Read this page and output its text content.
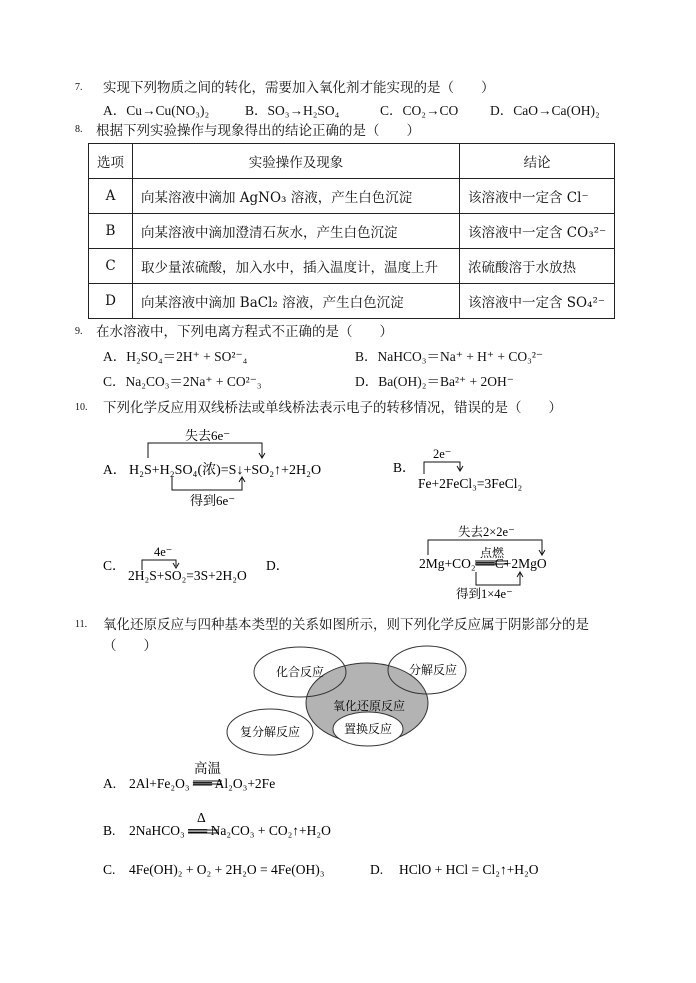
7. 实现下列物质之间的转化，需要加入氧化剂才能实现的是（　　）
A．Cu→Cu(NO₃)₂	B．SO₃→H₂SO₄	C．CO₂→CO D．CaO→Ca(OH)₂
8. 根据下列实验操作与现象得出的结论正确的是（　　）
选项	实验操作及现象	结论
A	向某溶液中滴加 AgNO₃ 溶液，产生白色沉淀	该溶液中一定含 Cl⁻
B	向某溶液中滴加澄清石灰水，产生白色沉淀	该溶液中一定含 CO₃²⁻
C	取少量浓硫酸，加入水中，插入温度计，温度上升	浓硫酸溶于水放热
D	向某溶液中滴加 BaCl₂ 溶液，产生白色沉淀	该溶液中一定含 SO₄²⁻
9. 在水溶液中，下列电离方程式不正确的是（　　）
A．H₂SO₄＝2H⁺ + SO²⁻₄	B．NaHCO₃＝Na⁺ + H⁺ + CO₃²⁻
C．Na₂CO₃＝2Na⁺ + CO²⁻₃	D．Ba(OH)₂＝Ba²⁺ + 2OH⁻
10. 下列化学反应用双线桥法或单线桥法表示电子的转移情况，错误的是（　　）
A． H₂S+H₂SO₄(浓)=S↓+SO₂↑+2H₂O
失去6e⁻
得到6e⁻
B．
Fe+2FeCl₃=3FeCl₂
2e⁻
C．
2H₂S+SO₂=3S+2H₂O
4e⁻
D．	2Mg+CO₂══C+2MgO
失去2×2e⁻
点燃
得到1×4e⁻
化合反应	分解反应
氧化还原反应
置换反应
复分解反应
A. 2Al+Fe₂O₃ ══ Al₂O₃+2Fe
高温
B. 2NaHCO₃ ══ Na₂CO₃ + CO₂↑+H₂O
Δ
C. 4Fe(OH)₂ + O₂ + 2H₂O = 4Fe(OH)₃	D. HClO + HCl = Cl₂↑+H₂O
11. 氧化还原反应与四种基本类型的关系如图所示，则下列化学反应属于阴影部分的是
（　　）
